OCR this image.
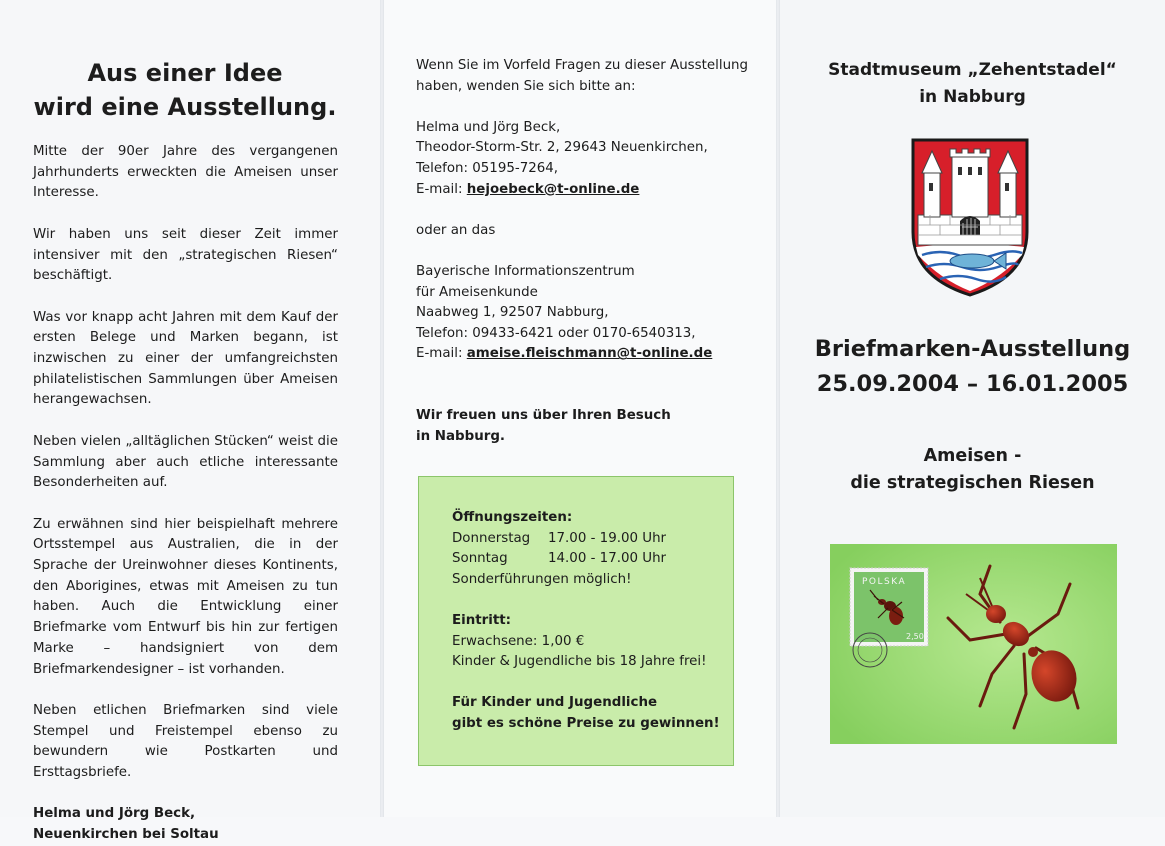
Aus einer Idee
wird eine Ausstellung.

Mitte der 90er Jahre des vergangenen Jahrhunderts erweckten die Ameisen unser Interesse.

Wir haben uns seit dieser Zeit immer intensiver mit den „strategischen Riesen“ beschäftigt.

Was vor knapp acht Jahren mit dem Kauf der ersten Belege und Marken begann, ist inzwischen zu einer der umfangreichsten philatelistischen Sammlungen über Ameisen herangewachsen.

Neben vielen „alltäglichen Stücken“ weist die Sammlung aber auch etliche interessante Besonderheiten auf.

Zu erwähnen sind hier beispielhaft mehrere Ortsstempel aus Australien, die in der Sprache der Ureinwohner dieses Kontinents, den Aborigines, etwas mit Ameisen zu tun haben. Auch die Entwicklung einer Briefmarke vom Entwurf bis hin zur fertigen Marke – handsigniert von dem Briefmarkendesigner – ist vorhanden.

Neben etlichen Briefmarken sind viele Stempel und Freistempel ebenso zu bewundern wie Postkarten und Ersttagsbriefe.

Helma und Jörg Beck,
Neuenkirchen bei Soltau
Wenn Sie im Vorfeld Fragen zu dieser Ausstellung
haben, wenden Sie sich bitte an:
Helma und Jörg Beck,
Theodor-Storm-Str. 2, 29643 Neuenkirchen,
Telefon: 05195-7264,
E-mail: hejoebeck@t-online.de
oder an das
Bayerische Informationszentrum
für Ameisenkunde
Naabweg 1, 92507 Nabburg,
Telefon: 09433-6421 oder 0170-6540313,
E-mail: ameise.fleischmann@t-online.de
Wir freuen uns über Ihren Besuch
in Nabburg.
Öffnungszeiten:
Donnerstag	17.00 - 19.00 Uhr
Sonntag	14.00 - 17.00 Uhr
Sonderführungen möglich!
Eintritt:
Erwachsene: 1,00 €
Kinder & Jugendliche bis 18 Jahre frei!
Für Kinder und Jugendliche
gibt es schöne Preise zu gewinnen!
Stadtmuseum „Zehentstadel“
in Nabburg
Briefmarken-Ausstellung
25.09.2004 – 16.01.2005
Ameisen -
die strategischen Riesen
POLSKA
2,50
